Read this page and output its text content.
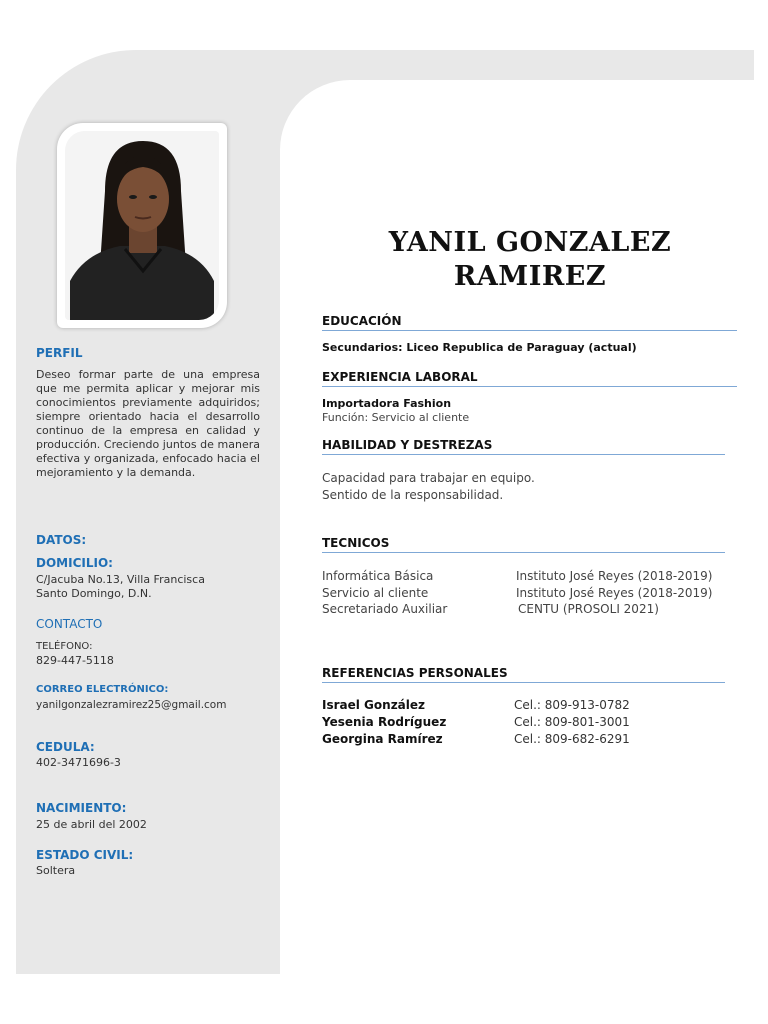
PERFIL
Deseo formar parte de una empresa que me permita aplicar y mejorar mis conocimientos previamente adquiridos; siempre orientado hacia el desarrollo continuo de la empresa en calidad y producción. Creciendo juntos de manera efectiva y organizada, enfocado hacia el mejoramiento y la demanda.
DATOS:
DOMICILIO:
C/Jacuba No.13, Villa Francisca
Santo Domingo, D.N.
CONTACTO
TELÉFONO:
829-447-5118
CORREO ELECTRÓNICO:
yanilgonzalezramirez25@gmail.com
CEDULA:
402-3471696-3
NACIMIENTO:
25 de abril del 2002
ESTADO CIVIL:
Soltera
YANIL GONZALEZ
RAMIREZ
EDUCACIÓN
Secundarios: Liceo Republica de Paraguay (actual)
EXPERIENCIA LABORAL
Importadora Fashion
Función: Servicio al cliente
HABILIDAD Y DESTREZAS
Capacidad para trabajar en equipo.
Sentido de la responsabilidad.
TECNICOS
Informática Básica	Instituto José Reyes (2018-2019)
Servicio al cliente	Instituto José Reyes (2018-2019)
Secretariado Auxiliar	CENTU (PROSOLI 2021)
REFERENCIAS PERSONALES
Israel González	Cel.: 809-913-0782
Yesenia Rodríguez	Cel.: 809-801-3001
Georgina Ramírez	Cel.: 809-682-6291
